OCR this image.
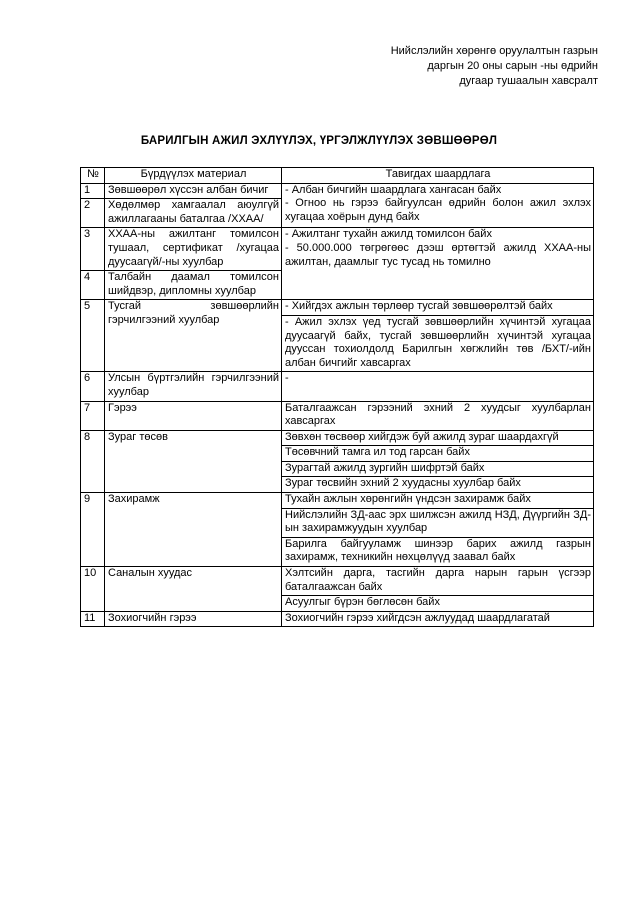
Нийслэлийн хөрөнгө оруулалтын газрын
даргын 20 оны сарын -ны өдрийн
дугаар тушаалын хавсралт
БАРИЛГЫН АЖИЛ ЭХЛҮҮЛЭХ, ҮРГЭЛЖЛҮҮЛЭХ ЗӨВШӨӨРӨЛ
№	Бүрдүүлэх материал	Тавигдах шаардлага
1	Зөвшөөрөл хүссэн албан бичиг	- Албан бичгийн шаардлага хангасан байх
- Огноо нь гэрээ байгуулсан өдрийн болон ажил эхлэх хугацаа хоёрын дунд байх

2	Хөдөлмөр хамгаалал аюулгүй ажиллагааны баталгаа /ХХАА/	
3	ХХАА-ны ажилтанг томилсон тушаал, сертификат /хугацаа дуусаагүй/-ны хуулбар	- Ажилтанг тухайн ажилд томилсон байх
- 50.000.000 төгрөгөөс дээш өртөгтэй ажилд ХХАА-ны ажилтан, даамлыг тус тусад нь томилно

4	Талбайн даамал томилсон шийдвэр, дипломны хуулбар	
5	Тусгай зөвшөөрлийн гэрчилгээний хуулбар	- Хийгдэх ажлын төрлөөр тусгай зөвшөөрөлтэй байх
		- Ажил эхлэх үед тусгай зөвшөөрлийн хүчинтэй хугацаа дуусаагүй байх, тусгай зөвшөөрлийн хүчинтэй хугацаа дууссан тохиолдолд Барилгын хөгжлийн төв /БХТ/-ийн албан бичгийг хавсаргах
6	Улсын бүртгэлийн гэрчилгээний хуулбар	-
7	Гэрээ	Баталгаажсан гэрээний эхний 2 хуудсыг хуулбарлан хавсаргах
8	Зураг төсөв	Зөвхөн төсвөөр хийгдэж буй ажилд зураг шаардахгүй
		Төсөвчний тамга ил тод гарсан байх
		Зурагтай ажилд зургийн шифртэй байх
		Зураг төсвийн эхний 2 хуудасны хуулбар байх
9	Захирамж	Тухайн ажлын хөрөнгийн үндсэн захирамж байх
		Нийслэлийн ЗД-аас эрх шилжсэн ажилд НЗД, Дүүргийн ЗД-ын захирамжуудын хуулбар
		Барилга байгууламж шинээр барих ажилд газрын захирамж, техникийн нөхцөлүүд заавал байх
10	Саналын хуудас	Хэлтсийн дарга, тасгийн дарга нарын гарын үсгээр баталгаажсан байх
		Асуулгыг бүрэн бөглөсөн байх
11	Зохиогчийн гэрээ	Зохиогчийн гэрээ хийгдсэн ажлуудад шаардлагатай
